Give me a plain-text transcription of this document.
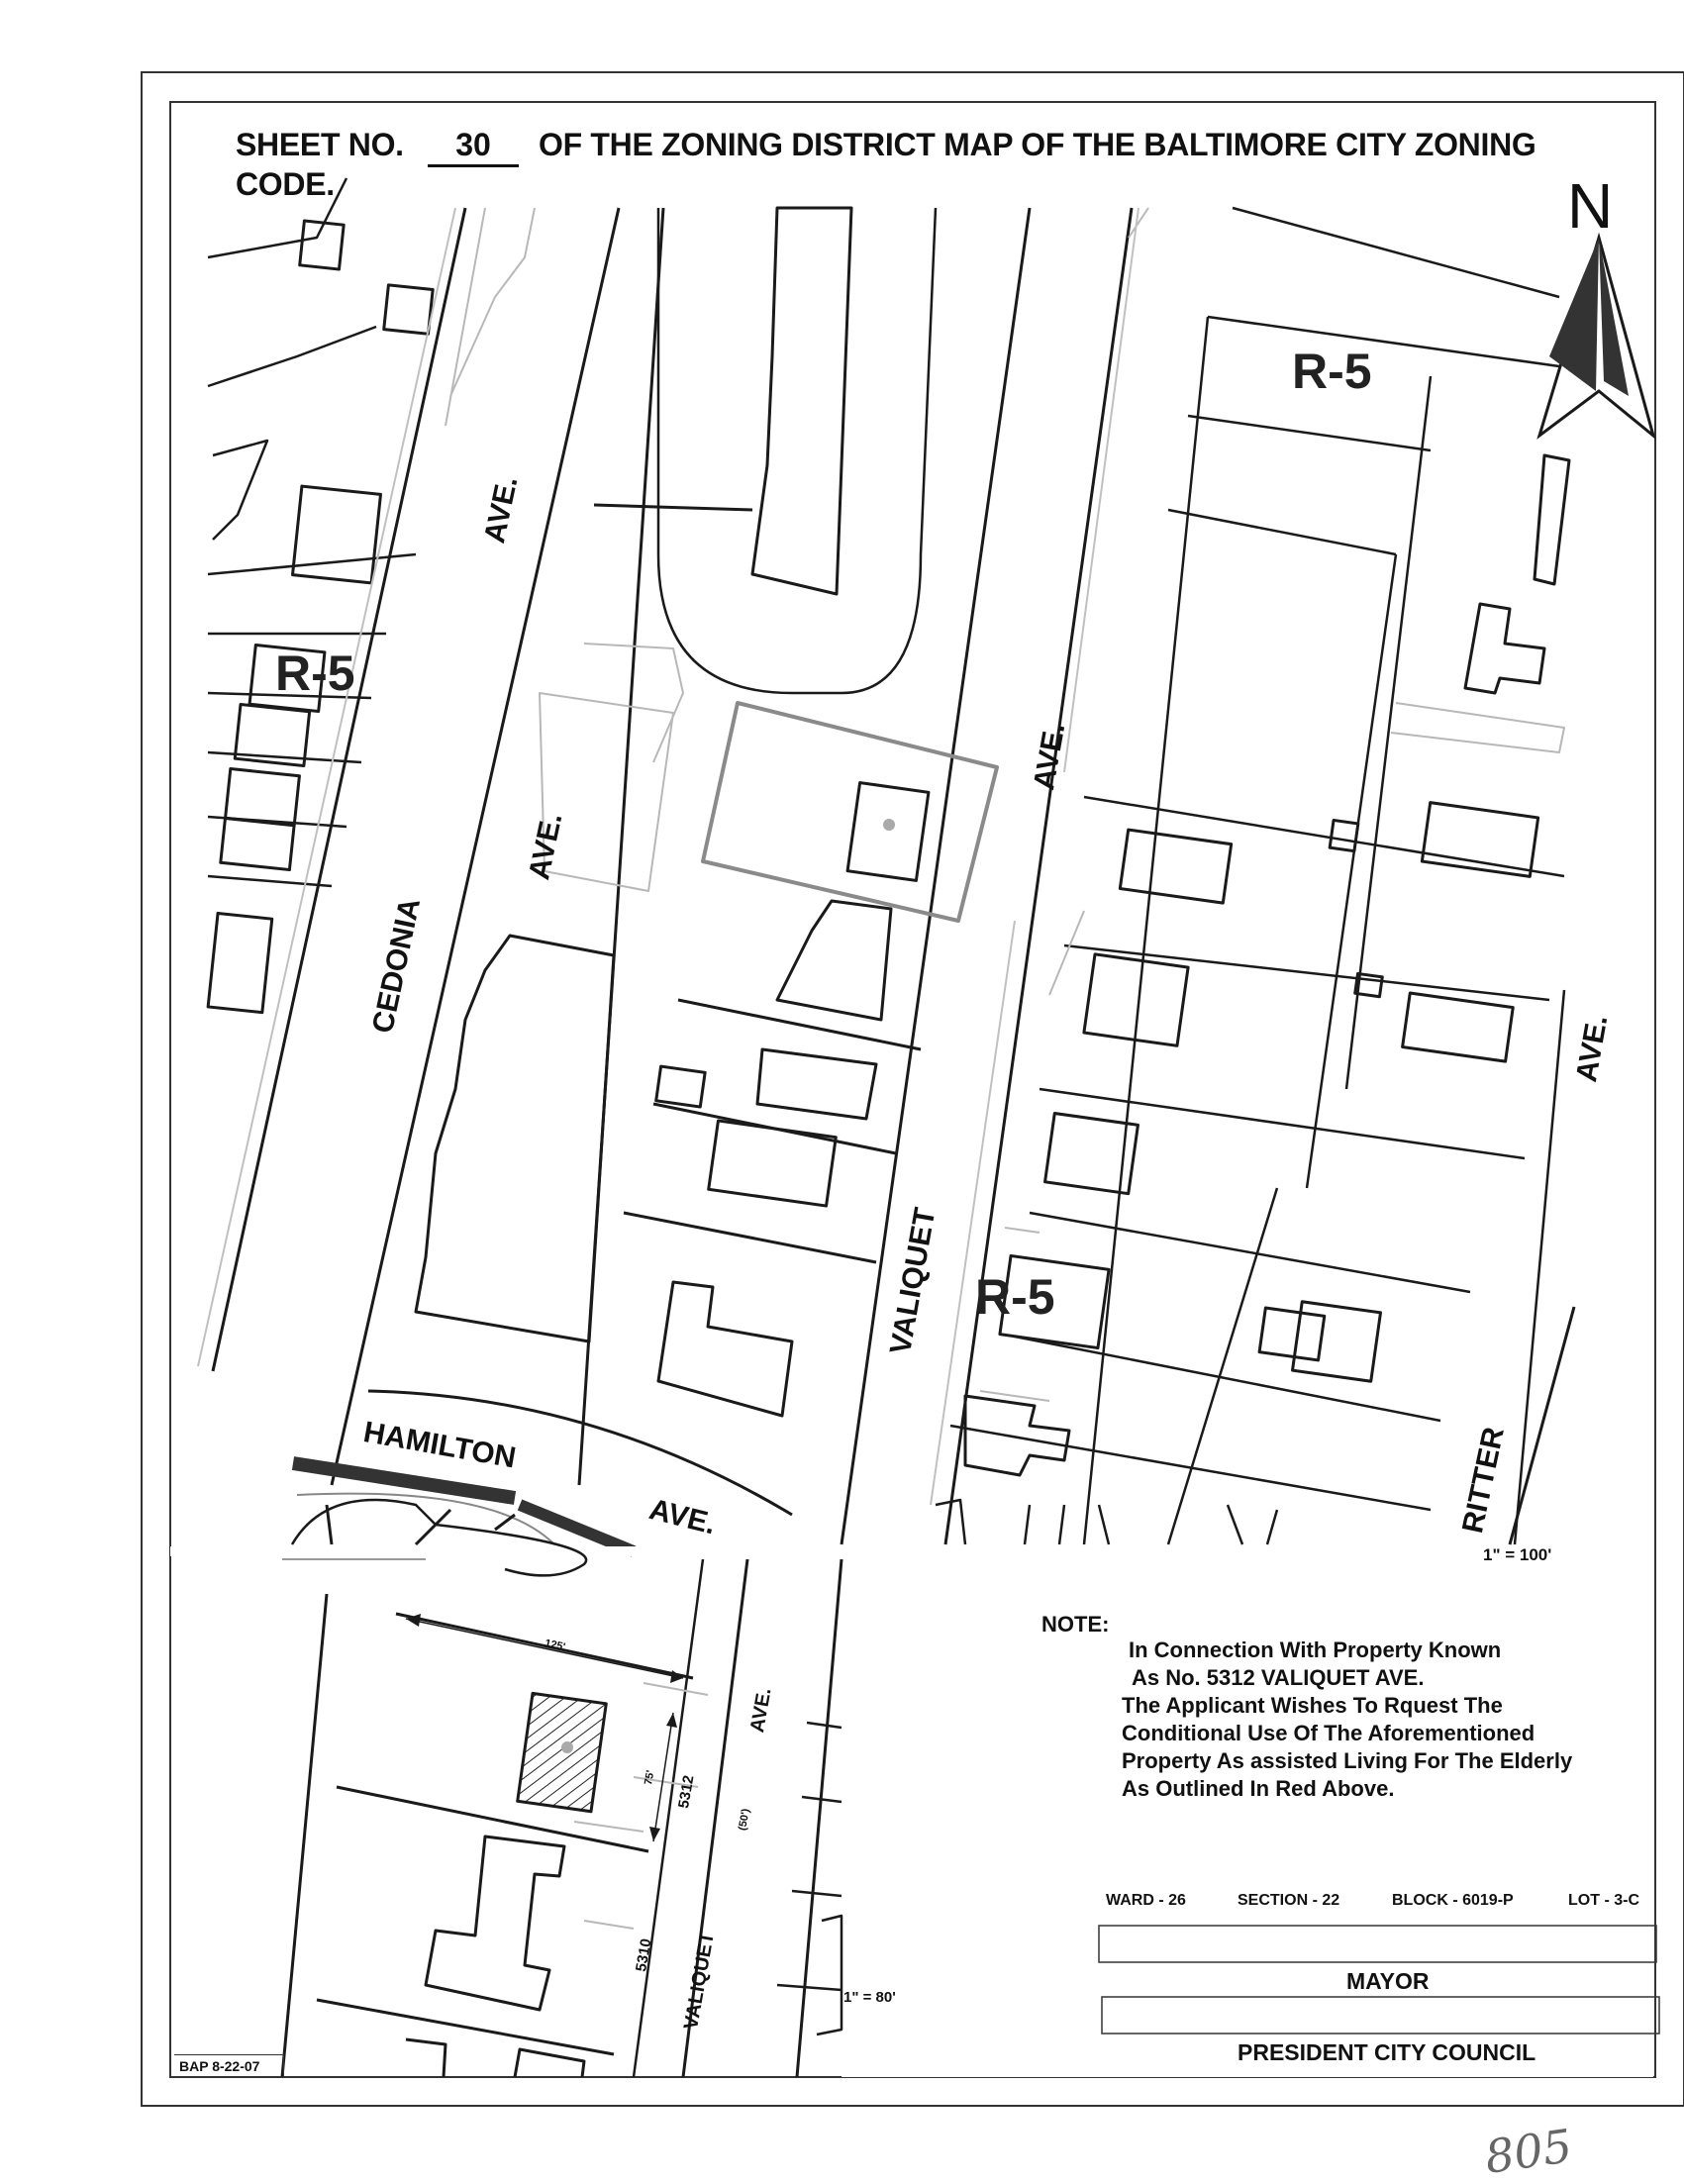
SHEET NO.	30	OF THE ZONING DISTRICT MAP OF THE BALTIMORE CITY ZONING
CODE.	N
R-5
R-5
R-5
AVE.
CEDONIA
AVE.
AVE.
VALIQUET
AVE.
RITTER
HAMILTON
AVE.
1" = 100'
125'
75' 5312
5310
(50')
AVE.
VALIQUET	1" = 80'
NOTE:
In Connection With Property Known
As No. 5312 VALIQUET AVE.
The Applicant Wishes To Rquest The
Conditional Use Of The Aforementioned
Property As assisted Living For The Elderly
As Outlined In Red Above.
WARD - 26	SECTION - 22	BLOCK - 6019-P	LOT - 3-C
MAYOR
PRESIDENT CITY COUNCIL
BAP 8-22-07
805
